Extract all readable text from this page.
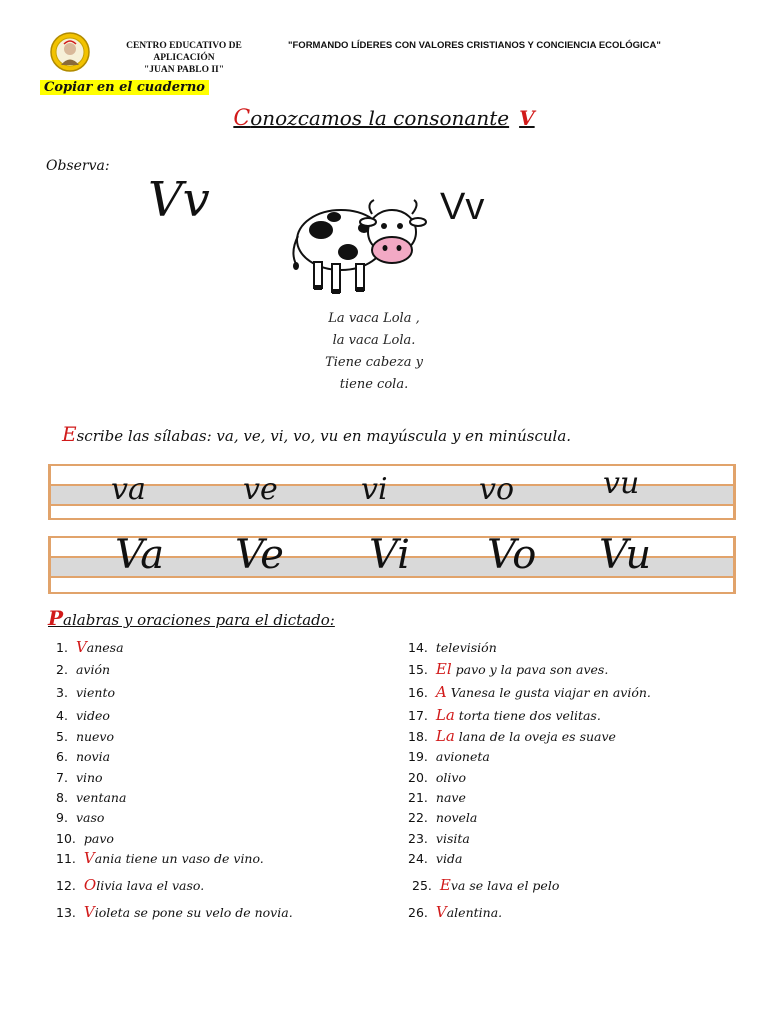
CENTRO EDUCATIVO DE APLICACIÓN
"JUAN PABLO II"
"FORMANDO LÍDERES CON VALORES CRISTIANOS Y CONCIENCIA ECOLÓGICA"
Copiar en el cuaderno
Conozcamos la consonante V
Observa:
Vv	Vv
La vaca Lola ,
la vaca Lola.
Tiene cabeza y
tiene cola.
Escribe las sílabas: va, ve, vi, vo, vu en mayúscula y en minúscula.
va	ve	vi	vo	vu
Va Ve Vi Vo Vu
Palabras y oraciones para el dictado:
1. Vanesa
2. avión
3. viento
4. video
5. nuevo
6. novia
7. vino
8. ventana
9. vaso
10. pavo
11. Vania tiene un vaso de vino.
12. Olivia lava el vaso.
13. Violeta se pone su velo de novia.
14. televisión
15. El pavo y la pava son aves.
16. A Vanesa le gusta viajar en avión.
17. La torta tiene dos velitas.
18. La lana de la oveja es suave
19. avioneta
20. olivo
21. nave
22. novela
23. visita
24. vida
25. Eva se lava el pelo
26. Valentina.
